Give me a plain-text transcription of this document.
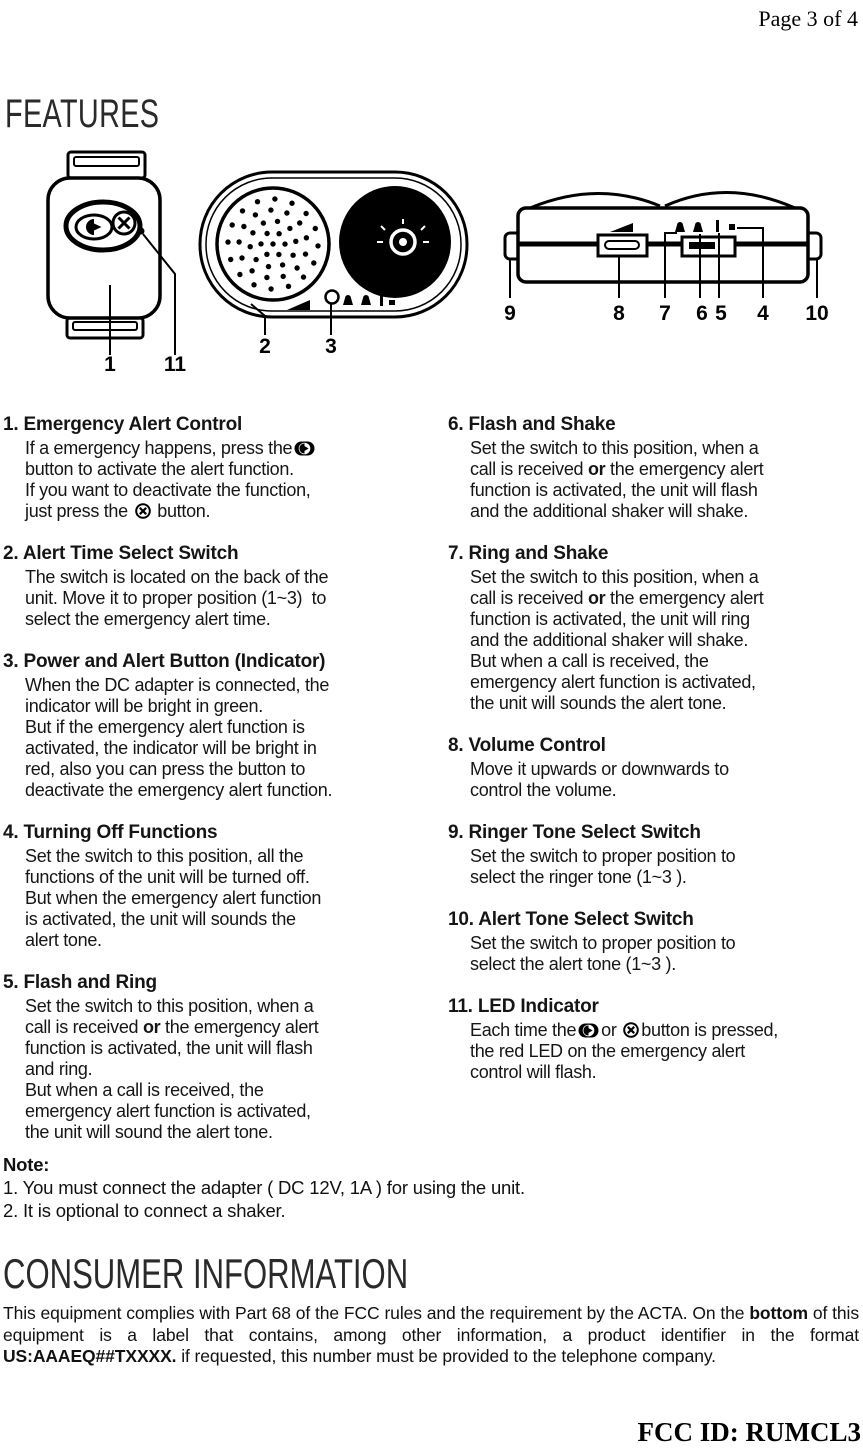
Page 3 of 4
FEATURES
1 11
2	3
9	8 7 6 5 4 10
1. Emergency Alert Control
If a emergency happens, press the
button to activate the alert function.
If you want to deactivate the function,
just press the  button.
2. Alert Time Select Switch
The switch is located on the back of the
unit. Move it to proper position (1~3)  to
select the emergency alert time.
3. Power and Alert Button (Indicator)
When the DC adapter is connected, the
indicator will be bright in green.
But if the emergency alert function is
activated, the indicator will be bright in
red, also you can press the button to
deactivate the emergency alert function.
4. Turning Off Functions
Set the switch to this position, all the
functions of the unit will be turned off.
But when the emergency alert function
is activated, the unit will sounds the
alert tone.
5. Flash and Ring
Set the switch to this position, when a
call is received or the emergency alert
function is activated, the unit will flash
and ring.
But when a call is received, the
emergency alert function is activated,
the unit will sound the alert tone.
6. Flash and Shake
Set the switch to this position, when a
call is received or the emergency alert
function is activated, the unit will flash
and the additional shaker will shake.
7. Ring and Shake
Set the switch to this position, when a
call is received or the emergency alert
function is activated, the unit will ring
and the additional shaker will shake.
But when a call is received, the
emergency alert function is activated,
the unit will sounds the alert tone.
8. Volume Control
Move it upwards or downwards to
control the volume.
9. Ringer Tone Select Switch
Set the switch to proper position to
select the ringer tone (1~3 ).
10. Alert Tone Select Switch
Set the switch to proper position to
select the alert tone (1~3 ).
11. LED Indicator
Each time the or button is pressed,
the red LED on the emergency alert
control will flash.
Note:
1. You must connect the adapter ( DC 12V, 1A ) for using the unit.
2. It is optional to connect a shaker.
CONSUMER INFORMATION

This equipment complies with Part 68 of the FCC rules and the requirement by the ACTA. On the bottom of this equipment is a label that contains, among other information, a product identifier in the format US:AAAEQ##TXXXX. if requested, this number must be provided to the telephone company.

FCC ID: RUMCL3
